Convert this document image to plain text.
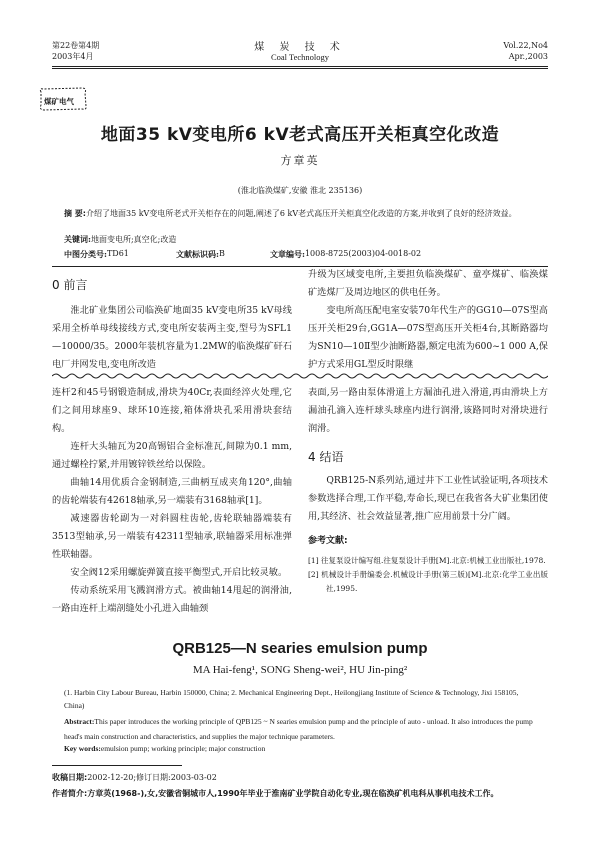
第22卷第4期
2003年4月
煤 炭 技 术
Coal Technology
Vol.22,No4
Apr.,2003
煤矿电气
地面35 kV变电所6 kV老式高压开关柜真空化改造
方章英
(淮北临涣煤矿,安徽 淮北 235136)
摘 要:介绍了地面35 kV变电所老式开关柜存在的问题,阐述了6 kV老式高压开关柜真空化改造的方案,并收到了良好的经济效益。
关键词:地面变电所;真空化;改造
中图分类号: TD61	文献标识码: B	文章编号: 1008-8725(2003)04-0018-02
0 前言

淮北矿业集团公司临涣矿地面35 kV变电所35 kV母线采用全桥单母线接线方式,变电所安装两主变,型号为SFL1—10000/35。2000年装机容量为1.2MW的临涣煤矿矸石电厂并网发电,变电所改造

升级为区域变电所,主要担负临涣煤矿、童亭煤矿、临涣煤矿选煤厂及周边地区的供电任务。

变电所高压配电室安装70年代生产的GG10—07S型高压开关柜29台,GG1A—07S型高压开关柜4台,其断路器均为SN10—10Ⅱ型少油断路器,额定电流为600~1 000 A,保护方式采用GL型反时限继

连杆2和45号钢锻造制成,滑块为40Cr,表面经淬火处理,它们之间用球座9、球环10连接,箱体滑块孔采用滑块套结构。

连杆大头轴瓦为20高锡铝合金标准瓦,间隙为0.1 mm,通过螺栓拧紧,并用镀锌铁丝给以保险。

曲轴14用优质合金钢制造,三曲柄互成夹角120°,曲轴的齿轮端装有42618轴承,另一端装有3168轴承[1]。

减速器齿轮副为一对斜圆柱齿轮,齿轮联轴器端装有3513型轴承,另一端装有42311型轴承,联轴器采用标准弹性联轴器。

安全阀12采用螺旋弹簧直接平衡型式,开启比较灵敏。

传动系统采用飞溅润滑方式。被曲轴14甩起的润滑油,一路由连杆上端剖缝处小孔进入曲轴颈

表面,另一路由泵体滑道上方漏油孔进入滑道,再由滑块上方漏油孔滴入连杆球头球座内进行润滑,该路同时对滑块进行润滑。

4 结语

QRB125-N系列站,通过井下工业性试验证明,各项技术参数选择合理,工作平稳,寿命长,现已在我省各大矿业集团使用,其经济、社会效益显著,推广应用前景十分广阔。

参考文献:
[1] 往复泵设计编写组.往复泵设计手册[M].北京:机械工业出版社,1978.
[2] 机械设计手册编委会.机械设计手册(第三版)[M].北京:化学工业出版社,1995.
QRB125—N searies emulsion pump
MA Hai-feng¹, SONG Sheng-wei², HU Jin-ping²
(1. Harbin City Labour Bureau, Harbin 150000, China; 2. Mechanical Engineering Dept., Heilongjiang Institute of Science & Technology, Jixi 158105, China)
Abstract:This paper introduces the working principle of QPB125 ~ N searies emulsion pump and the principle of auto - unload. It also introduces the pump head's main construction and characteristics, and supplies the major technique parameters.
Key words:emulsion pump; working principle; major construction
收稿日期:2002-12-20;修订日期:2003-03-02
作者简介:方章英(1968-),女,安徽省铜城市人,1990年毕业于淮南矿业学院自动化专业,现在临涣矿机电科从事机电技术工作。
